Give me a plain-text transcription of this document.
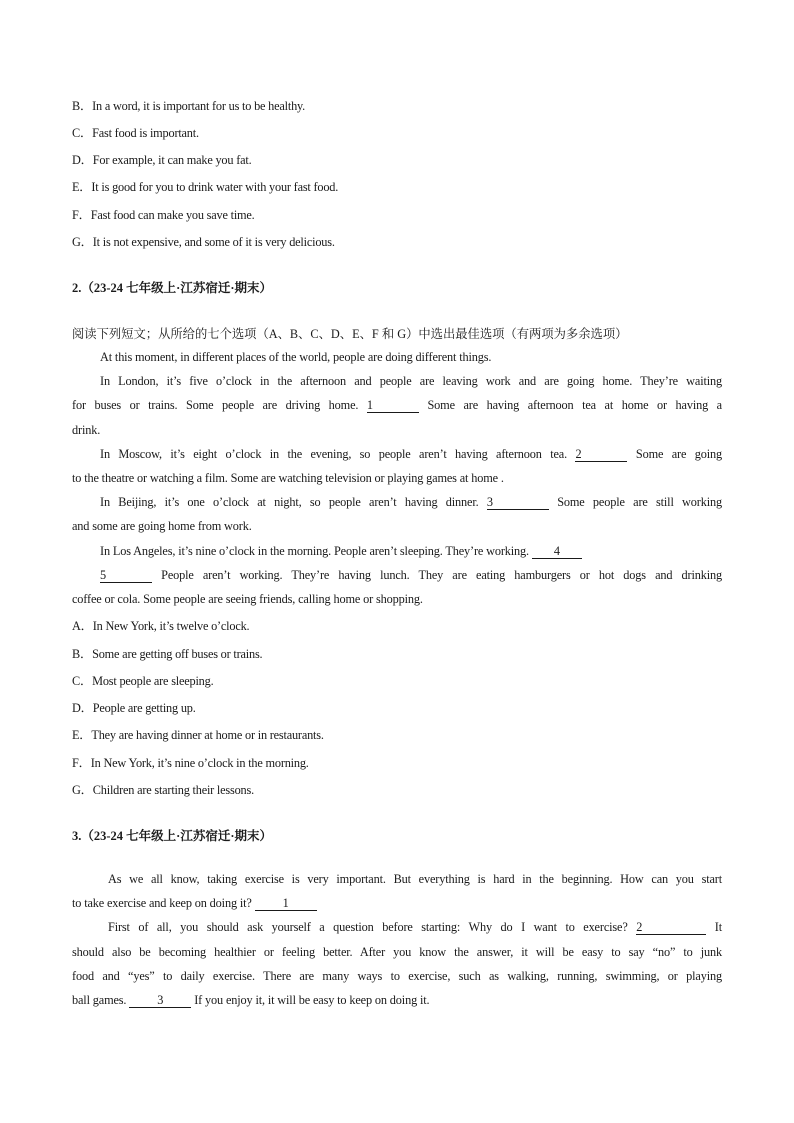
B．In a word, it is important for us to be healthy.
C．Fast food is important.
D．For example, it can make you fat.
E．It is good for you to drink water with your fast food.
F．Fast food can make you save time.
G．It is not expensive, and some of it is very delicious.
2.（23-24 七年级上·江苏宿迁·期末）
阅读下列短文；从所给的七个选项（A、B、C、D、E、F 和 G）中选出最佳选项（有两项为多余选项）
At this moment, in different places of the world, people are doing different things.
In London, it’s five o’clock in the afternoon and people are leaving work and are going home. They’re waiting
for buses or trains. Some people are driving home. 1	Some are having afternoon tea at home or having a
drink.
In Moscow, it’s eight o’clock in the evening, so people aren’t having afternoon tea. 2	Some are going
to the theatre or watching a film. Some are watching television or playing games at home .
In Beijing, it’s one o’clock at night, so people aren’t having dinner. 3	Some people are still working
and some are going home from work.
In Los Angeles, it’s nine o’clock in the morning. People aren’t sleeping. They’re working. 4
5	People aren’t working. They’re having lunch. They are eating hamburgers or hot dogs and drinking
coffee or cola. Some people are seeing friends, calling home or shopping.
A．In New York, it’s twelve o’clock.
B．Some are getting off buses or trains.
C．Most people are sleeping.
D．People are getting up.
E．They are having dinner at home or in restaurants.
F．In New York, it’s nine o’clock in the morning.
G．Children are starting their lessons.
3.（23-24 七年级上·江苏宿迁·期末）
As we all know, taking exercise is very important. But everything is hard in the beginning. How can you start
to take exercise and keep on doing it?	1
First of all, you should ask yourself a question before starting: Why do I want to exercise? 2	It
should also be becoming healthier or feeling better. After you know the answer, it will be easy to say “no” to junk
food and “yes” to daily exercise. There are many ways to exercise, such as walking, running, swimming, or playing
ball games.	3	If you enjoy it, it will be easy to keep on doing it.
